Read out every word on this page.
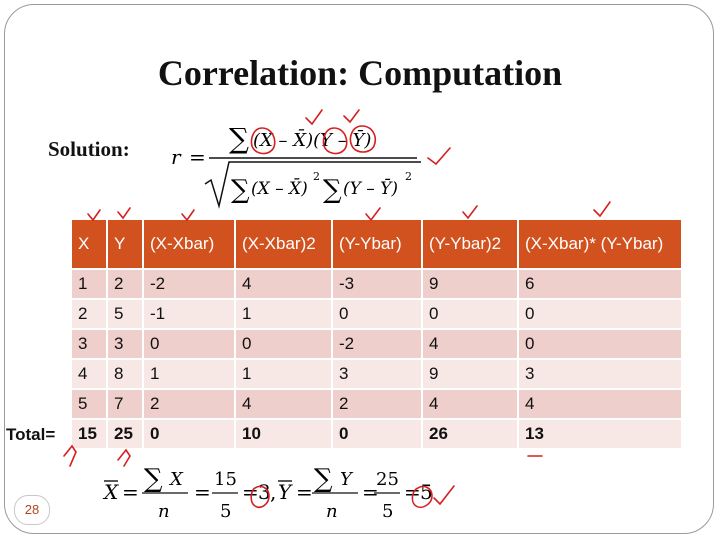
Correlation: Computation
Solution: r =
∑ (X – X̄)(Y – Ȳ)
∑ (X – X̄)
2 ∑ (Y – Ȳ)
2
Total=
X	Y	(X-Xbar)	(X-Xbar)2	(Y-Ybar)	(Y-Ybar)2	(X-Xbar)* (Y-Ybar)
1	2	-2	4	-3	9	6
2	5	-1	1	0	0	0
3	3	0	0	-2	4	0
4	8	1	1	3	9	3
5	7	2	4	2	4	4
15	25	0	10	0	26	13
28
X = ∑ X
n
=
15
5
= 3 , Y = ∑ Y
n
=
25
5
= 5
